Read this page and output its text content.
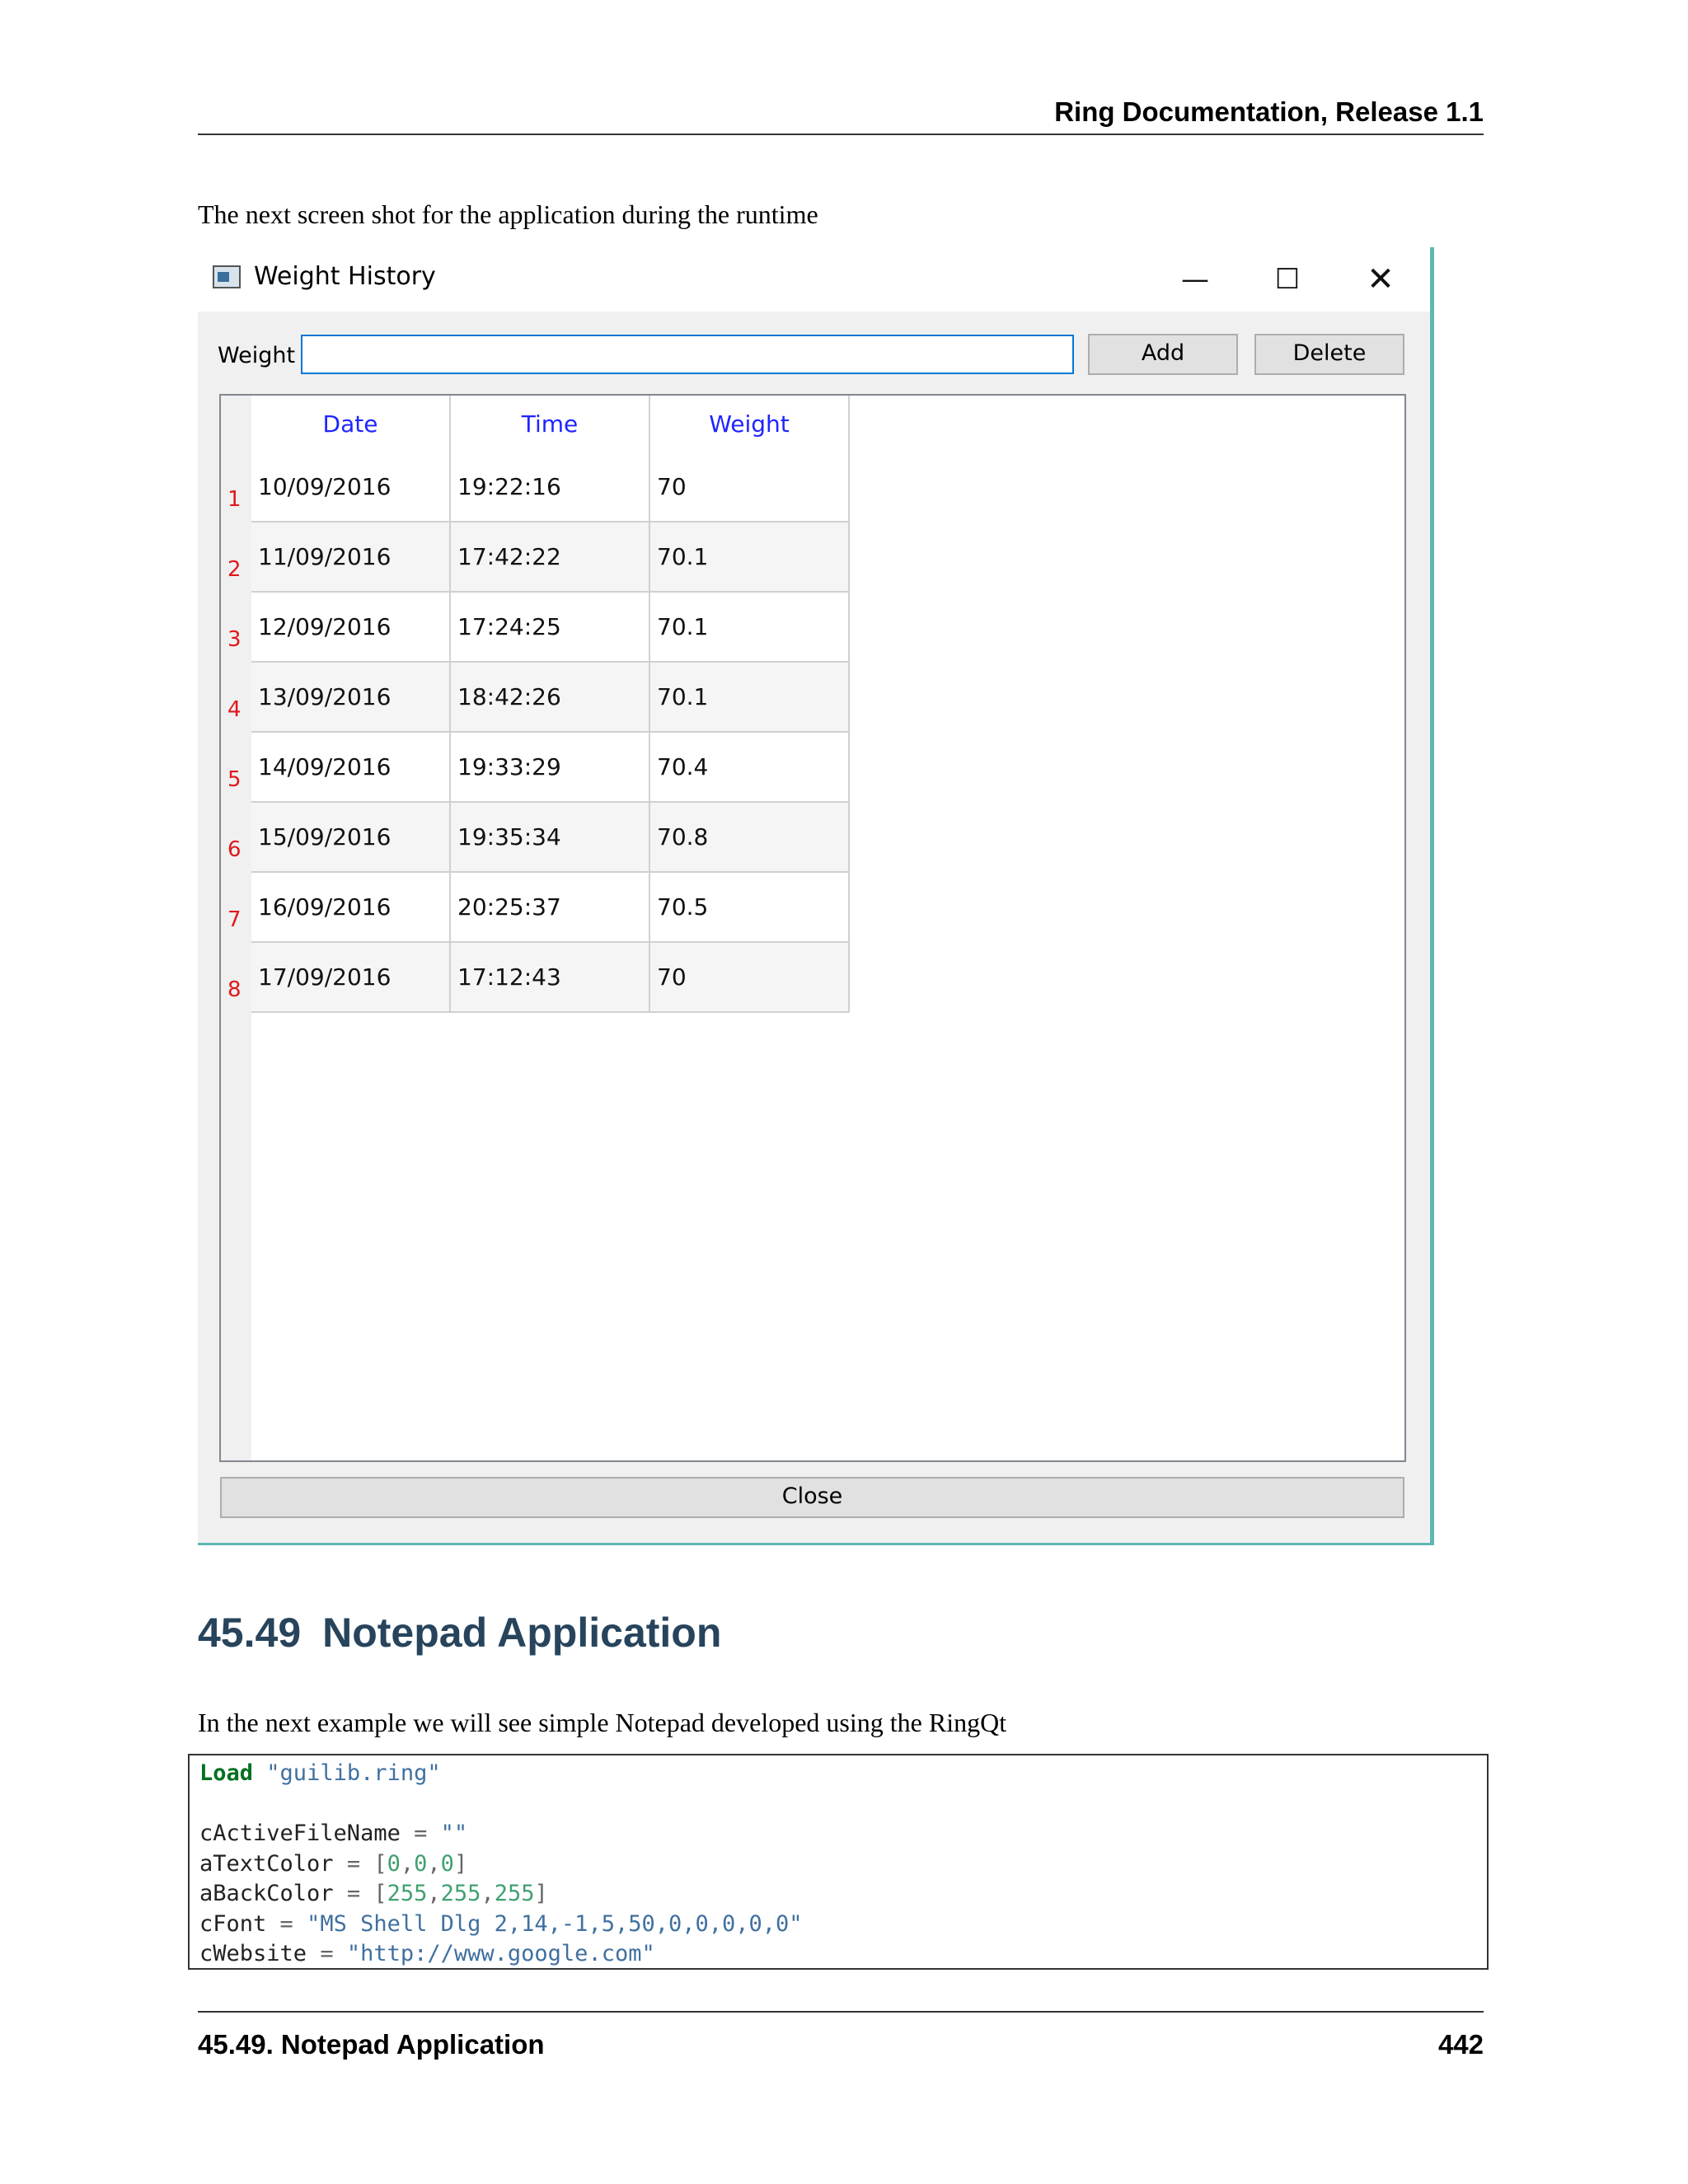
Ring Documentation, Release 1.1
The next screen shot for the application during the runtime
Weight History	—	☐	✕
Weight	Add	Delete
	Date	Time	Weight
1	10/09/2016	19:22:16	70
2	11/09/2016	17:42:22	70.1
3	12/09/2016	17:24:25	70.1
4	13/09/2016	18:42:26	70.1
5	14/09/2016	19:33:29	70.4
6	15/09/2016	19:35:34	70.8
7	16/09/2016	20:25:37	70.5
8	17/09/2016	17:12:43	70
Close
45.49 Notepad Application
In the next example we will see simple Notepad developed using the RingQt
Load "guilib.ring"
cActiveFileName = ""
aTextColor = [0,0,0]
aBackColor = [255,255,255]
cFont = "MS Shell Dlg 2,14,-1,5,50,0,0,0,0,0"
cWebsite = "http://www.google.com"
45.49. Notepad Application	442
